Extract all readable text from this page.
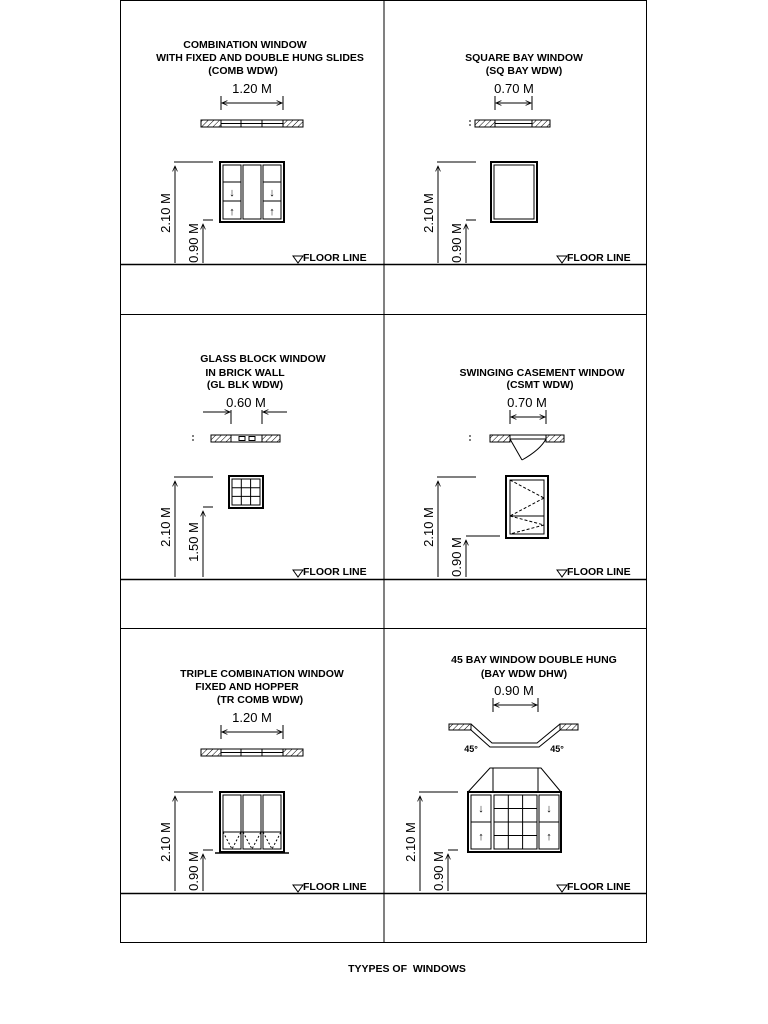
COMBINATION WINDOW
WITH FIXED AND DOUBLE HUNG SLIDES
(COMB WDW)
1.20 M
↓
↑
↓
↑
2.10 M
0.90 M	FLOOR LINE
SQUARE BAY WINDOW
(SQ BAY WDW)
0.70 M
2.10 M
0.90 M	FLOOR LINE
GLASS BLOCK WINDOW
IN BRICK WALL
(GL BLK WDW)
0.60 M
2.10 M 1.50 M
FLOOR LINE
SWINGING CASEMENT WINDOW
(CSMT WDW)
0.70 M
2.10 M
0.90 M	FLOOR LINE
TRIPLE COMBINATION WINDOW
FIXED AND HOPPER
(TR COMB WDW)
1.20 M
2.10 M
0.90 M	FLOOR LINE
45 BAY WINDOW DOUBLE HUNG
(BAY WDW DHW)
0.90 M
45°	45°
↓
↑
↓
↑
2.10 M
0.90 M	FLOOR LINE
TYYPES OF  WINDOWS
